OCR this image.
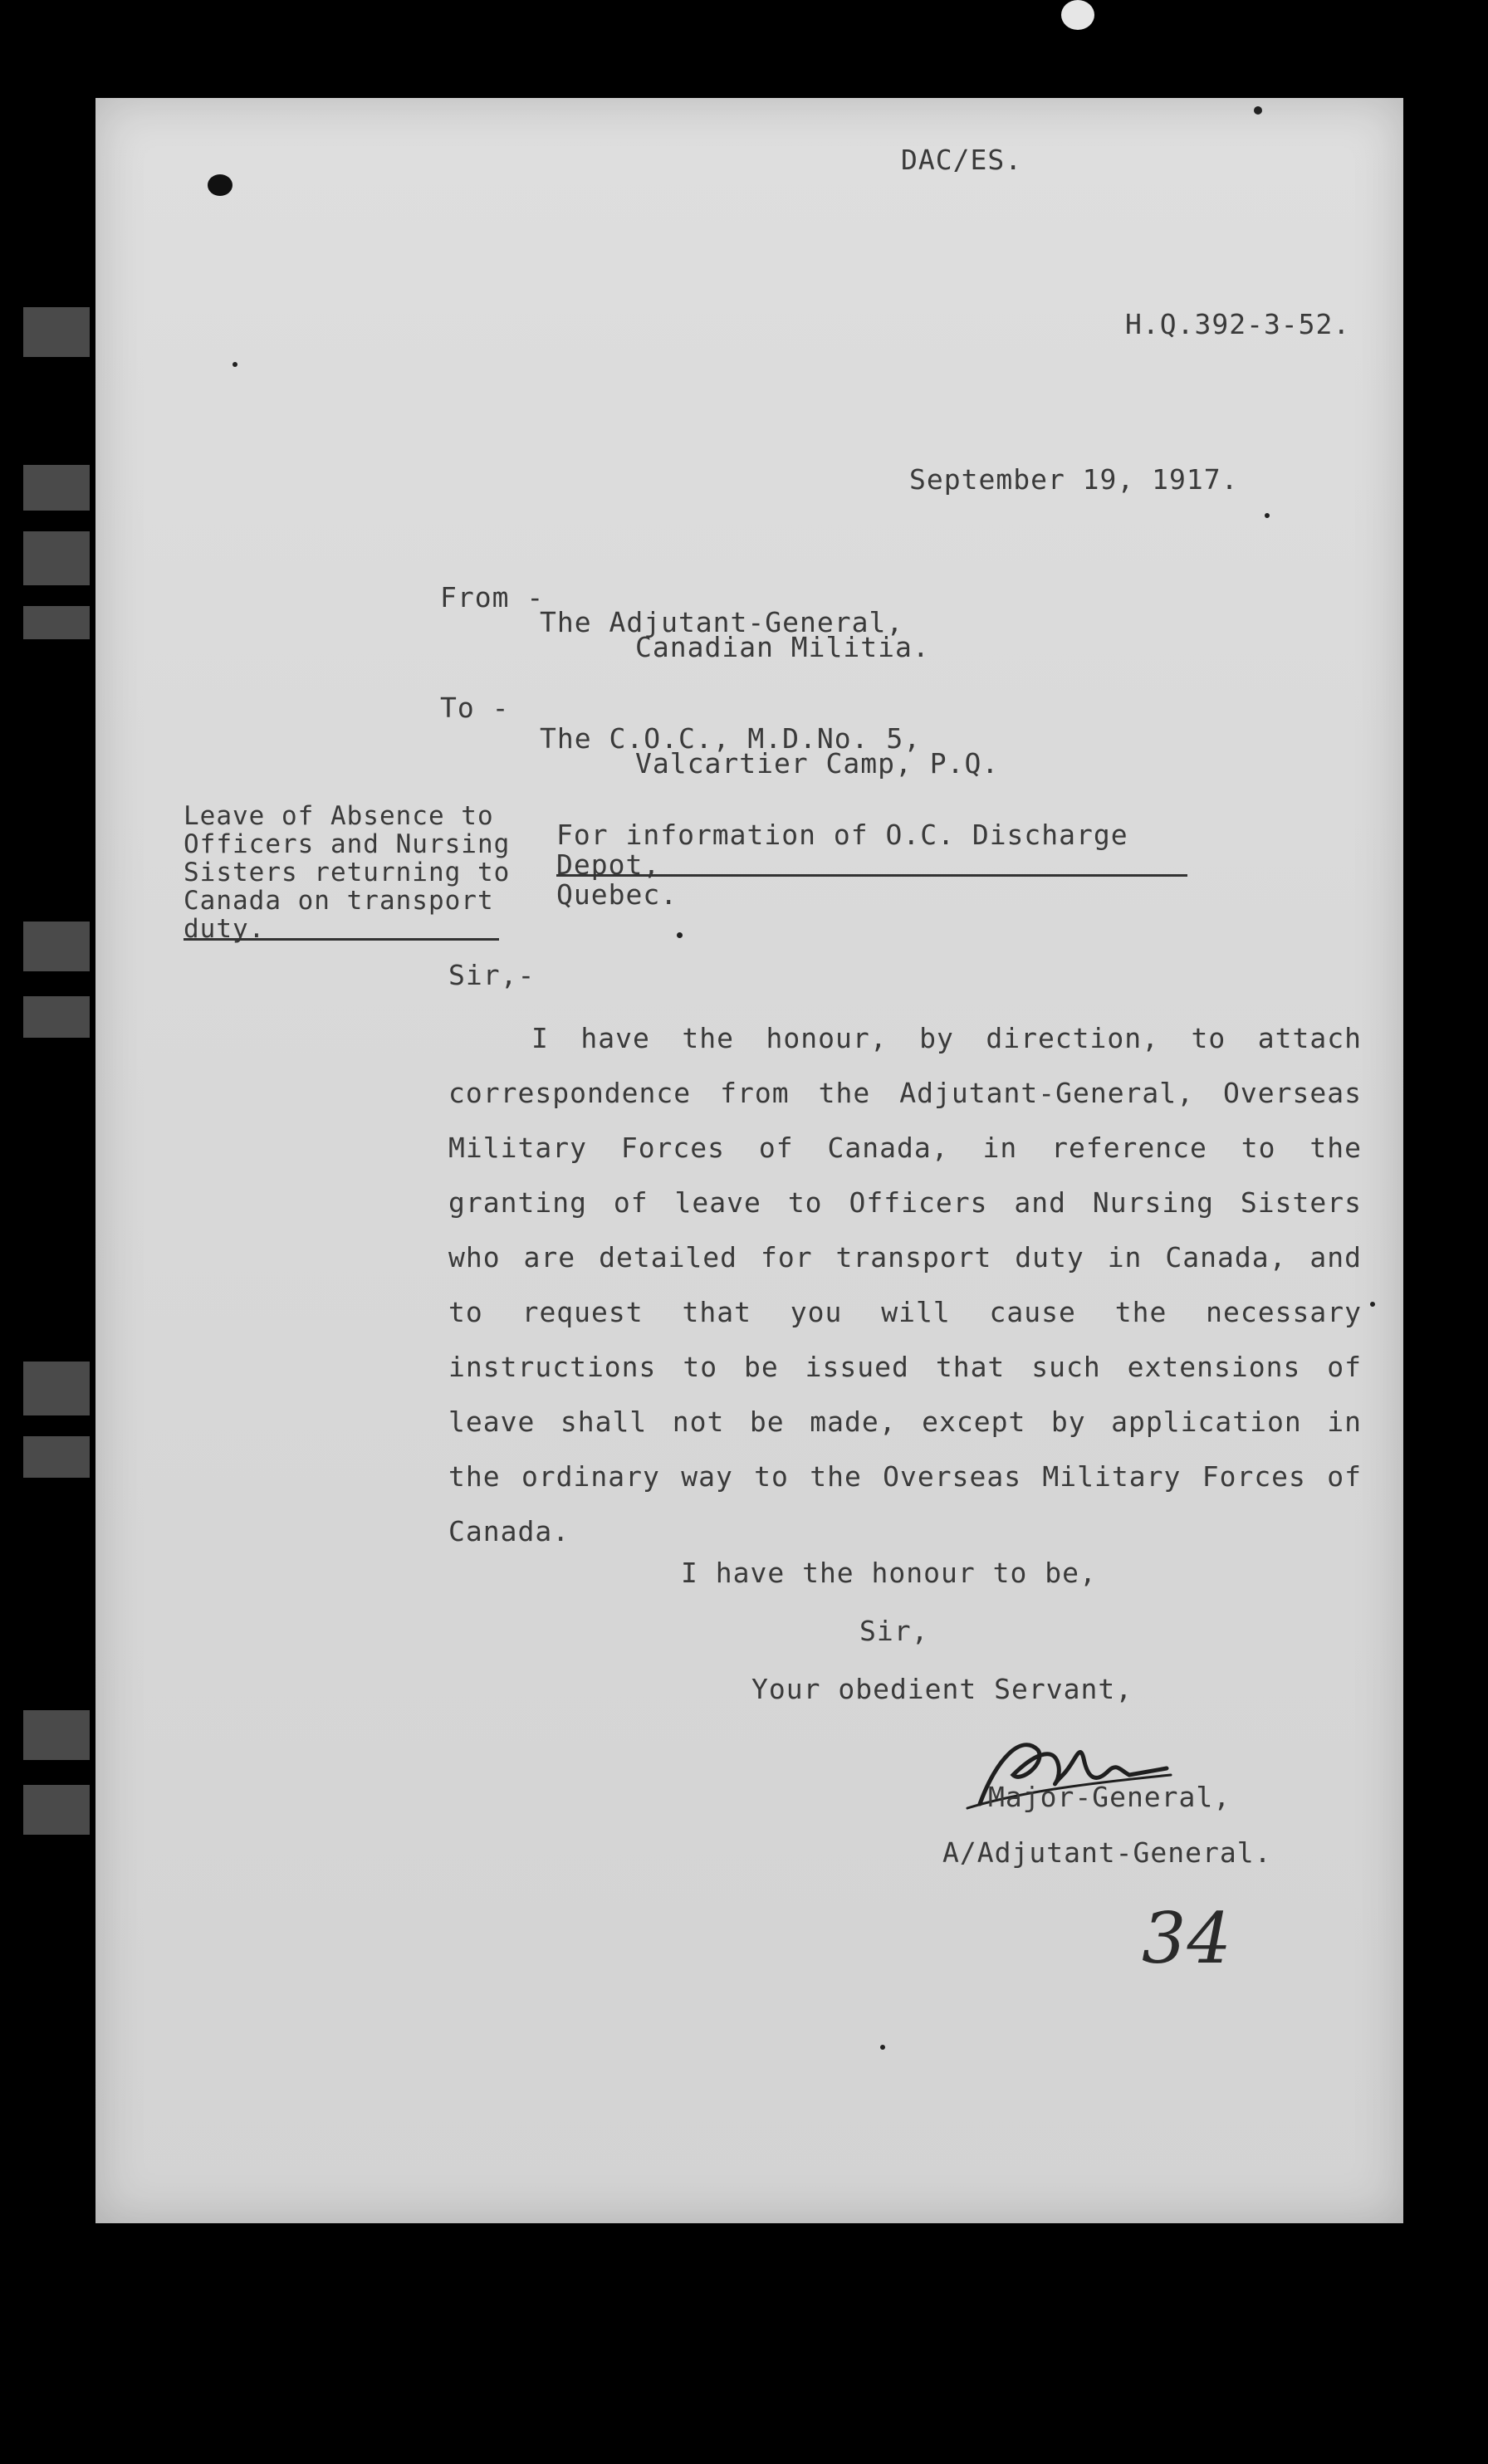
DAC/ES.
H.Q.392-3-52.
September 19, 1917.
From -
The Adjutant-General,
Canadian Militia.
To -
The C.O.C., M.D.No. 5,
Valcartier Camp, P.Q.
Leave of Absence to
Officers and Nursing
Sisters returning to
Canada on transport
duty.
For information of O.C. Discharge Depot,
Quebec.
Sir,-
I have the honour, by direction, to attach correspondence from the Adjutant-General, Overseas Military Forces of Canada, in reference to the granting of leave to Officers and Nursing Sisters who are detailed for transport duty in Canada, and to request that you will cause the necessary instructions to be issued that such extensions of leave shall not be made, except by application in the ordinary way to the Overseas Military Forces of Canada.
I have the honour to be,
Sir,
Your obedient Servant,
Major-General,
A/Adjutant-General.
34
